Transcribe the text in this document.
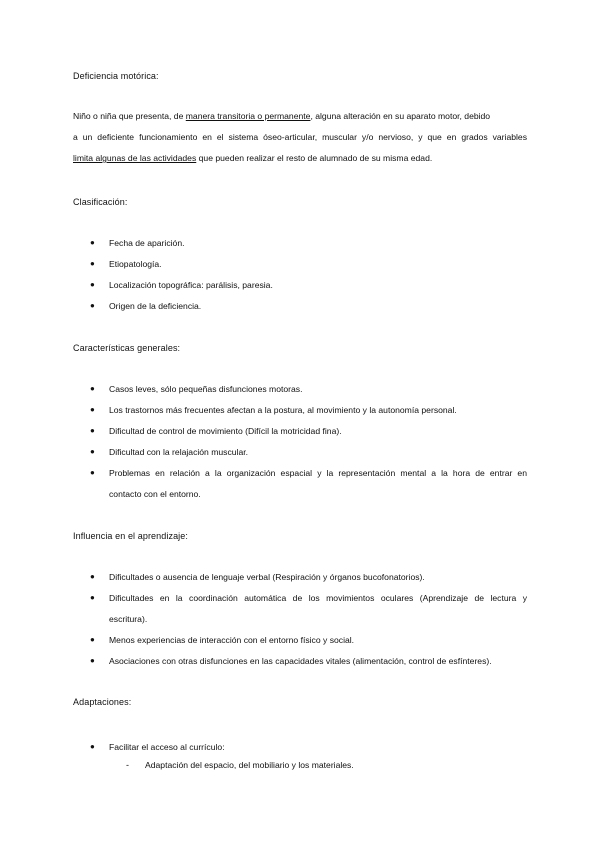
Deficiencia motórica:
Niño o niña que presenta, de manera transitoria o permanente, alguna alteración en su aparato motor, debido
a un deficiente funcionamiento en el sistema óseo-articular, muscular y/o nervioso, y que en grados variables
limita algunas de las actividades que pueden realizar el resto de alumnado de su misma edad.
Clasificación:
● Fecha de aparición.
● Etiopatología.
● Localización topográfica: parálisis, paresia.
● Origen de la deficiencia.
Características generales:
● Casos leves, sólo pequeñas disfunciones motoras.
● Los trastornos más frecuentes afectan a la postura, al movimiento y la autonomía personal.
● Dificultad de control de movimiento (Difícil la motricidad fina).
● Dificultad con la relajación muscular.
● Problemas en relación a la organización espacial y la representación mental a la hora de entrar en
contacto con el entorno.
Influencia en el aprendizaje:
● Dificultades o ausencia de lenguaje verbal (Respiración y órganos bucofonatorios).
● Dificultades en la coordinación automática de los movimientos oculares (Aprendizaje de lectura y
escritura).
● Menos experiencias de interacción con el entorno físico y social.
● Asociaciones con otras disfunciones en las capacidades vitales (alimentación, control de esfínteres).
Adaptaciones:
● Facilitar el acceso al currículo:
- Adaptación del espacio, del mobiliario y los materiales.
